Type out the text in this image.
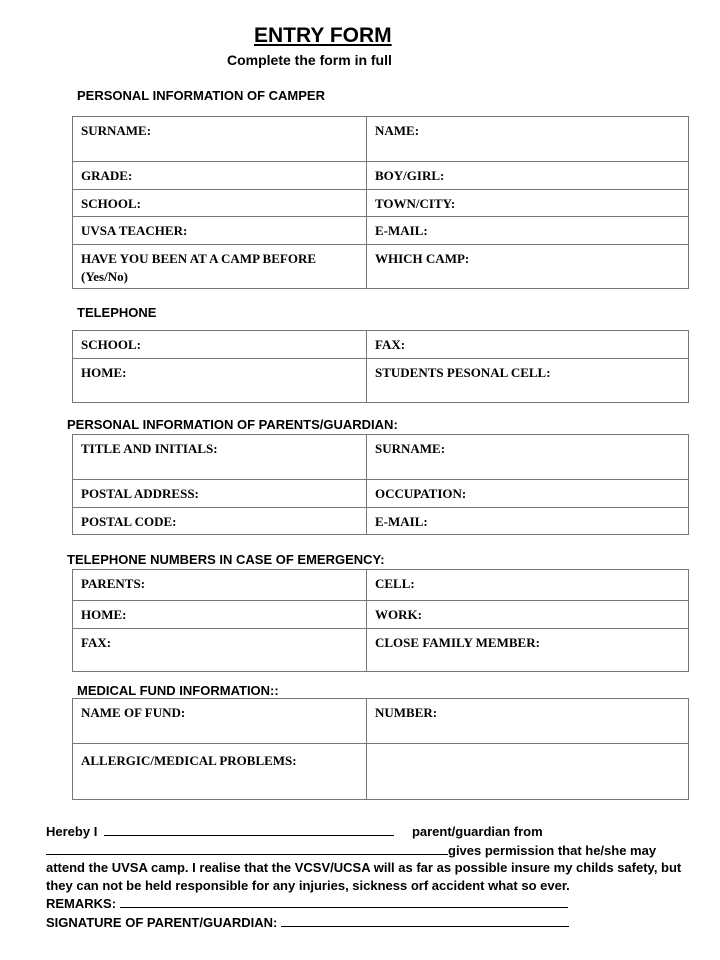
ENTRY FORM
Complete the form in full
PERSONAL INFORMATION OF CAMPER
SURNAME:	NAME:
GRADE:	BOY/GIRL:
SCHOOL:	TOWN/CITY:
UVSA TEACHER:	E-MAIL:
HAVE YOU BEEN AT A CAMP BEFORE (Yes/No)	WHICH CAMP:
TELEPHONE
SCHOOL:	FAX:
HOME:	STUDENTS PESONAL CELL:
PERSONAL INFORMATION OF PARENTS/GUARDIAN:
TITLE AND INITIALS:	SURNAME:
POSTAL ADDRESS:	OCCUPATION:
POSTAL CODE:	E-MAIL:
TELEPHONE NUMBERS IN CASE OF EMERGENCY:
PARENTS:	CELL:
HOME:	WORK:
FAX:	CLOSE FAMILY MEMBER:
MEDICAL FUND INFORMATION::
NAME OF FUND:	NUMBER:
ALLERGIC/MEDICAL PROBLEMS:	
Hereby I	parent/guardian from
gives permission that he/she may
attend the UVSA camp. I realise that the VCSV/UCSA will as far as possible insure my childs safety, but they can not be held responsible for any injuries, sickness orf accident what so ever.
REMARKS:
SIGNATURE OF PARENT/GUARDIAN:
